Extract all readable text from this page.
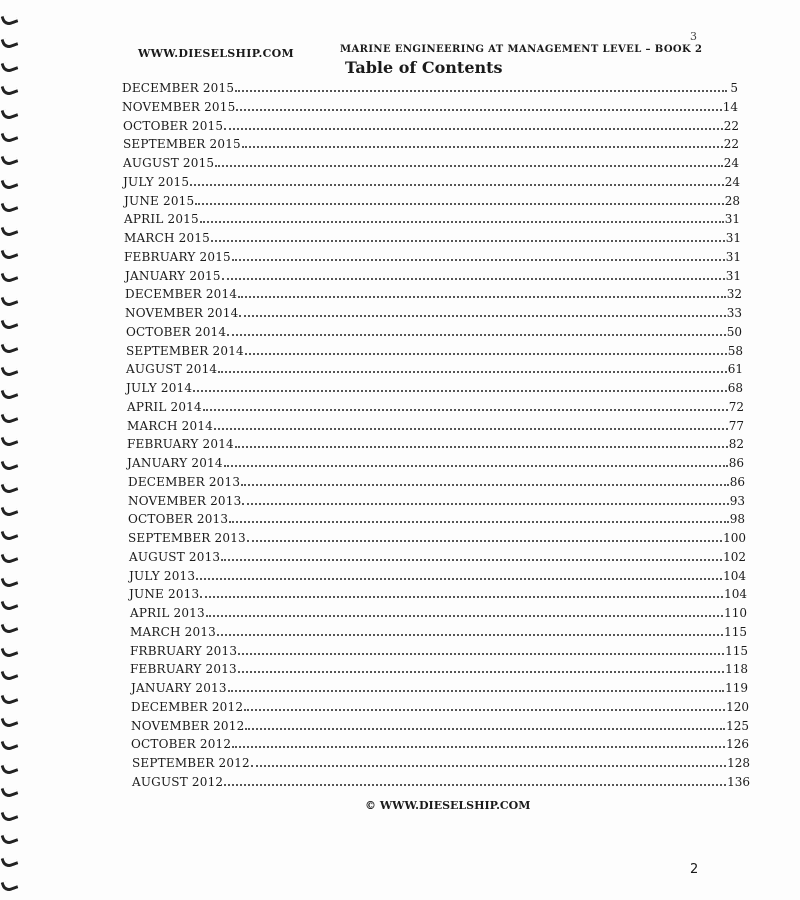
3
WWW.DIESELSHIP.COM	MARINE ENGINEERING AT MANAGEMENT LEVEL – BOOK 2
Table of Contents
DECEMBER 2015	5
NOVEMBER 2015	14
OCTOBER 2015	22
SEPTEMBER 2015	22
AUGUST 2015	24
JULY 2015	24
JUNE 2015	28
APRIL 2015	31
MARCH 2015	31
FEBRUARY 2015	31
JANUARY 2015	31
DECEMBER 2014	32
NOVEMBER 2014	33
OCTOBER 2014	50
SEPTEMBER 2014	58
AUGUST 2014	61
JULY 2014	68
APRIL 2014	72
MARCH 2014	77
FEBRUARY 2014	82
JANUARY 2014	86
DECEMBER 2013	86
NOVEMBER 2013	93
OCTOBER 2013	98
SEPTEMBER 2013	100
AUGUST 2013	102
JULY 2013	104
JUNE 2013	104
APRIL 2013	110
MARCH 2013	115
FRBRUARY 2013	115
FEBRUARY 2013	118
JANUARY 2013	119
DECEMBER 2012	120
NOVEMBER 2012	125
OCTOBER 2012	126
SEPTEMBER 2012	128
AUGUST 2012	136
© WWW.DIESELSHIP.COM
2
